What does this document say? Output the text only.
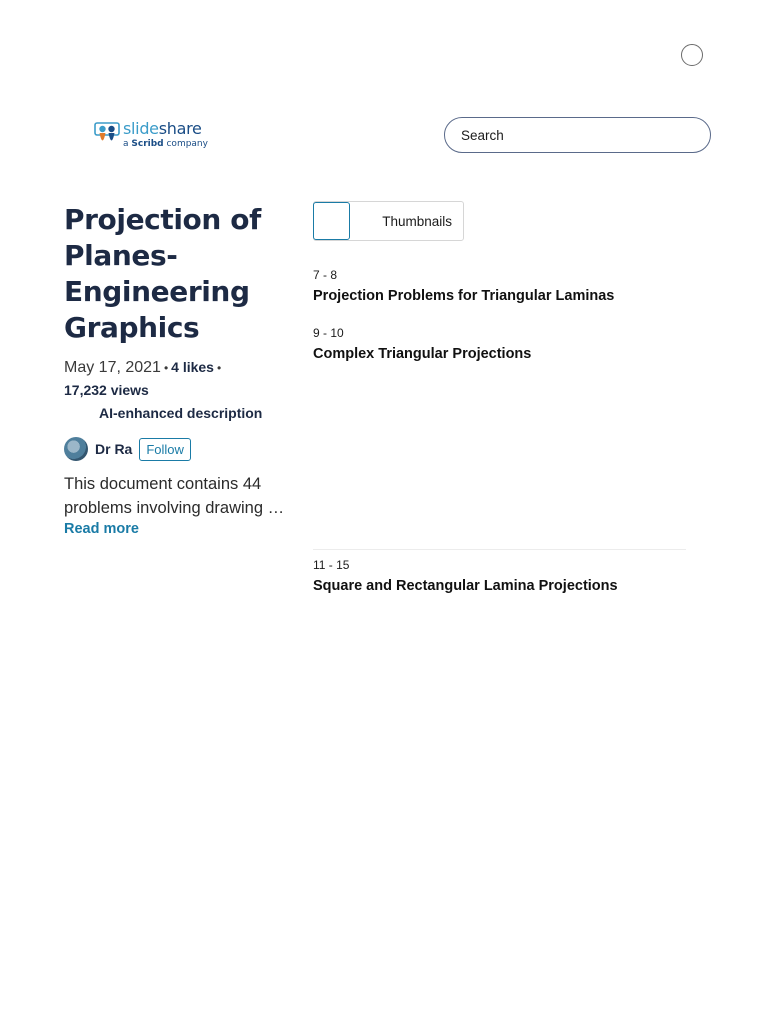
slideshare
a Scribd company
Search
Projection of Planes- Engineering Graphics
May 17, 2021 • 4 likes •
17,232 views
AI-enhanced description
Dr Ra	Follow
This document contains 44
problems involving drawing …
Read more
Thumbnails
7 - 8
Projection Problems for Triangular Laminas
9 - 10
Complex Triangular Projections
11 - 15
Square and Rectangular Lamina Projections
